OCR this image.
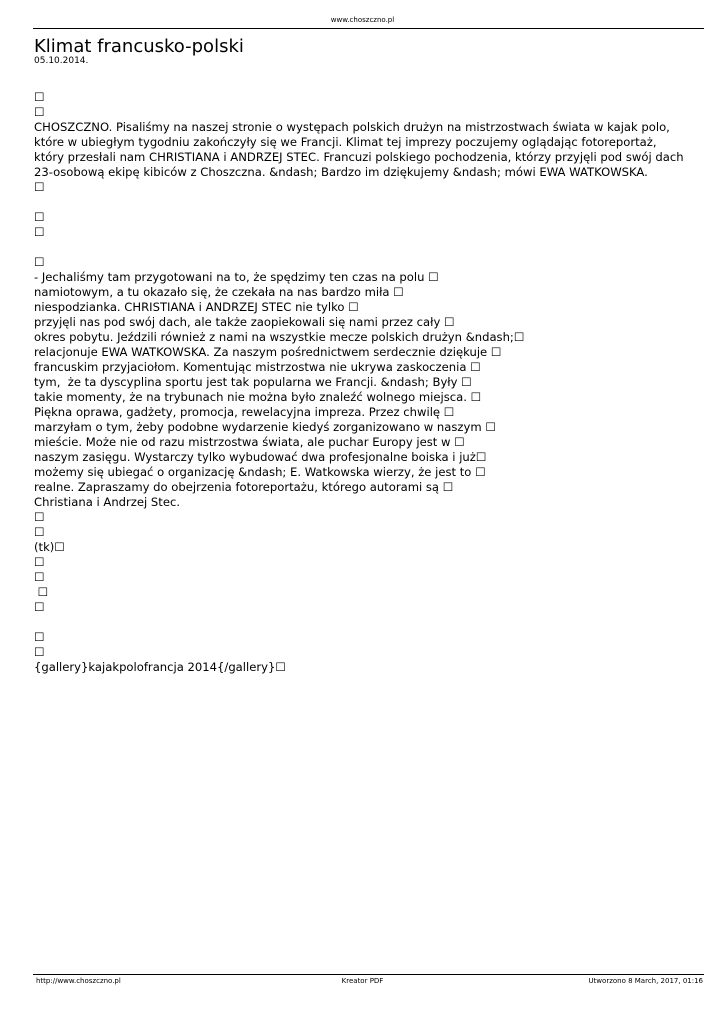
www.choszczno.pl
Klimat francusko-polski
05.10.2014.
☐
☐
CHOSZCZNO. Pisaliśmy na naszej stronie o występach polskich drużyn na mistrzostwach świata w kajak polo, które w ubiegłym tygodniu zakończyły się we Francji. Klimat tej imprezy poczujemy oglądając fotoreportaż, który przesłali nam CHRISTIANA i ANDRZEJ STEC. Francuzi polskiego pochodzenia, którzy przyjęli pod swój dach 23-osobową ekipę kibiców z Choszczna. &ndash; Bardzo im dziękujemy &ndash; mówi EWA WATKOWSKA.
☐
☐
☐
☐
- Jechaliśmy tam przygotowani na to, że spędzimy ten czas na polu ☐
namiotowym, a tu okazało się, że czekała na nas bardzo miła ☐
niespodzianka. CHRISTIANA i ANDRZEJ STEC nie tylko ☐
przyjęli nas pod swój dach, ale także zaopiekowali się nami przez cały ☐
okres pobytu. Jeździli również z nami na wszystkie mecze polskich drużyn &ndash;☐
relacjonuje EWA WATKOWSKA. Za naszym pośrednictwem serdecznie dziękuje ☐
francuskim przyjaciołom. Komentując mistrzostwa nie ukrywa zaskoczenia ☐
tym,  że ta dyscyplina sportu jest tak popularna we Francji. &ndash; Były ☐
takie momenty, że na trybunach nie można było znaleźć wolnego miejsca. ☐
Piękna oprawa, gadżety, promocja, rewelacyjna impreza. Przez chwilę ☐
marzyłam o tym, żeby podobne wydarzenie kiedyś zorganizowano w naszym ☐
mieście. Może nie od razu mistrzostwa świata, ale puchar Europy jest w ☐
naszym zasięgu. Wystarczy tylko wybudować dwa profesjonalne boiska i już☐
możemy się ubiegać o organizację &ndash; E. Watkowska wierzy, że jest to ☐
realne. Zapraszamy do obejrzenia fotoreportażu, którego autorami są ☐
Christiana i Andrzej Stec.
☐
☐
(tk)☐
☐
☐
☐
☐
☐
☐
{gallery}kajakpolofrancja 2014{/gallery}☐
http://www.choszczno.pl	Kreator PDF	Utworzono 8 March, 2017, 01:16
